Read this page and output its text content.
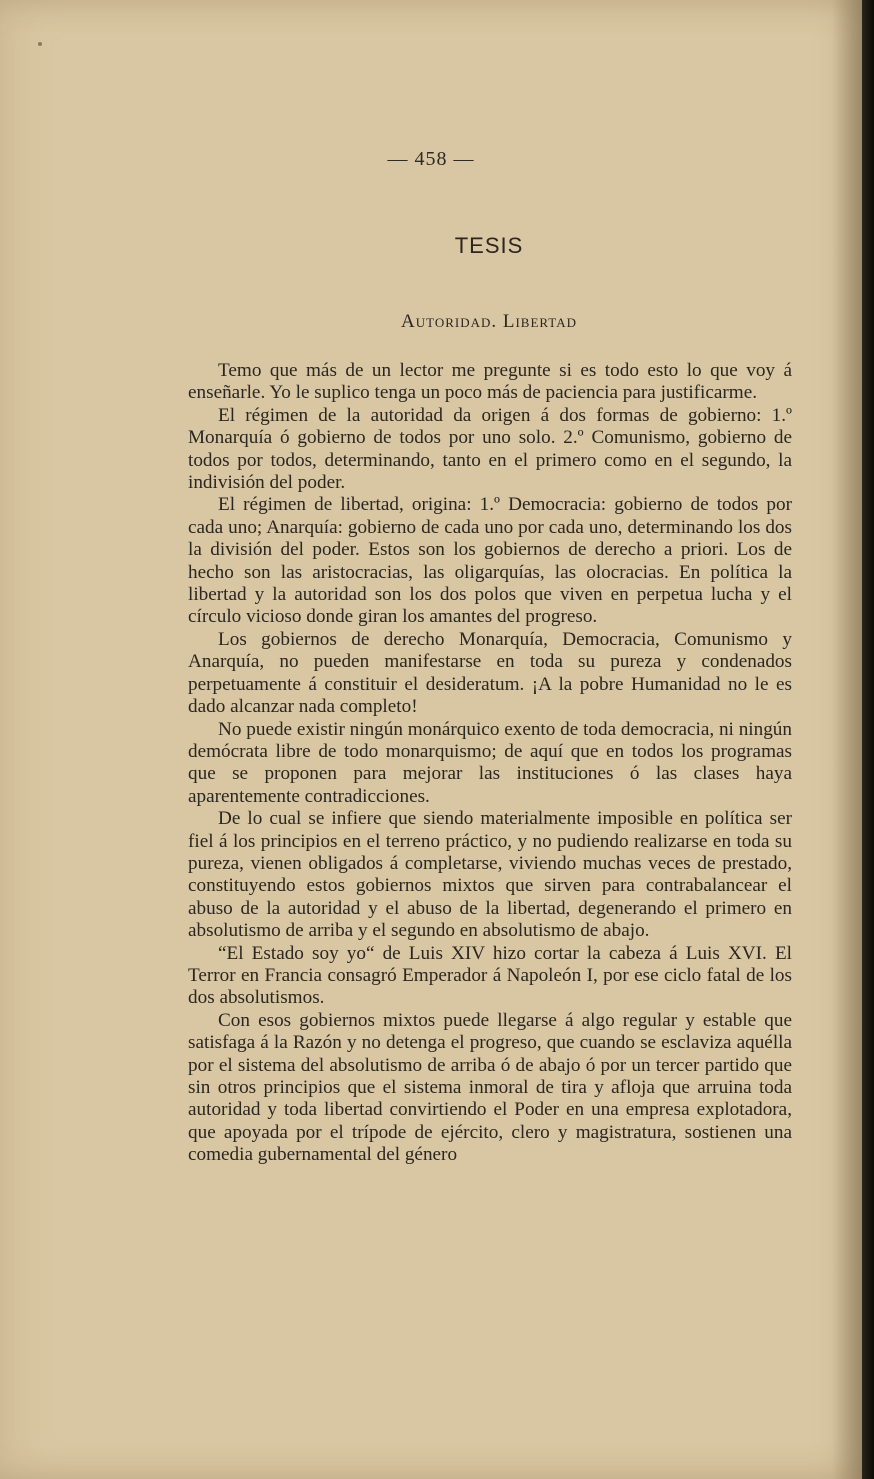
— 458 —
TESIS
Autoridad. Libertad

Temo que más de un lector me pregunte si es todo esto lo que voy á enseñarle. Yo le suplico tenga un poco más de paciencia para justificarme.

El régimen de la autoridad da origen á dos formas de gobierno: 1.º Monarquía ó gobierno de todos por uno solo. 2.º Comunismo, gobierno de todos por todos, determinando, tanto en el primero como en el segundo, la indivisión del poder.

El régimen de libertad, origina: 1.º Democracia: gobierno de todos por cada uno; Anarquía: gobierno de cada uno por cada uno, determinando los dos la división del poder. Estos son los gobiernos de derecho a priori. Los de hecho son las aristocracias, las oligarquías, las olocracias. En política la libertad y la autoridad son los dos polos que viven en perpetua lucha y el círculo vicioso donde giran los amantes del progreso.

Los gobiernos de derecho Monarquía, Democracia, Comunismo y Anarquía, no pueden manifestarse en toda su pureza y condenados perpetuamente á constituir el desideratum. ¡A la pobre Humanidad no le es dado alcanzar nada completo!

No puede existir ningún monárquico exento de toda democracia, ni ningún demócrata libre de todo monarquismo; de aquí que en todos los programas que se proponen para mejorar las instituciones ó las clases haya aparentemente contradicciones.

De lo cual se infiere que siendo materialmente imposible en política ser fiel á los principios en el terreno práctico, y no pudiendo realizarse en toda su pureza, vienen obligados á completarse, viviendo muchas veces de prestado, constituyendo estos gobiernos mixtos que sirven para contrabalancear el abuso de la autoridad y el abuso de la libertad, degenerando el primero en absolutismo de arriba y el segundo en absolutismo de abajo.

“El Estado soy yo“ de Luis XIV hizo cortar la cabeza á Luis XVI. El Terror en Francia consagró Emperador á Napoleón I, por ese ciclo fatal de los dos absolutismos.

Con esos gobiernos mixtos puede llegarse á algo regular y estable que satisfaga á la Razón y no detenga el progreso, que cuando se esclaviza aquélla por el sistema del absolutismo de arriba ó de abajo ó por un tercer partido que sin otros principios que el sistema inmoral de tira y afloja que arruina toda autoridad y toda libertad convirtiendo el Poder en una empresa explotadora, que apoyada por el trípode de ejército, clero y magistratura, sostienen una comedia gubernamental del género
